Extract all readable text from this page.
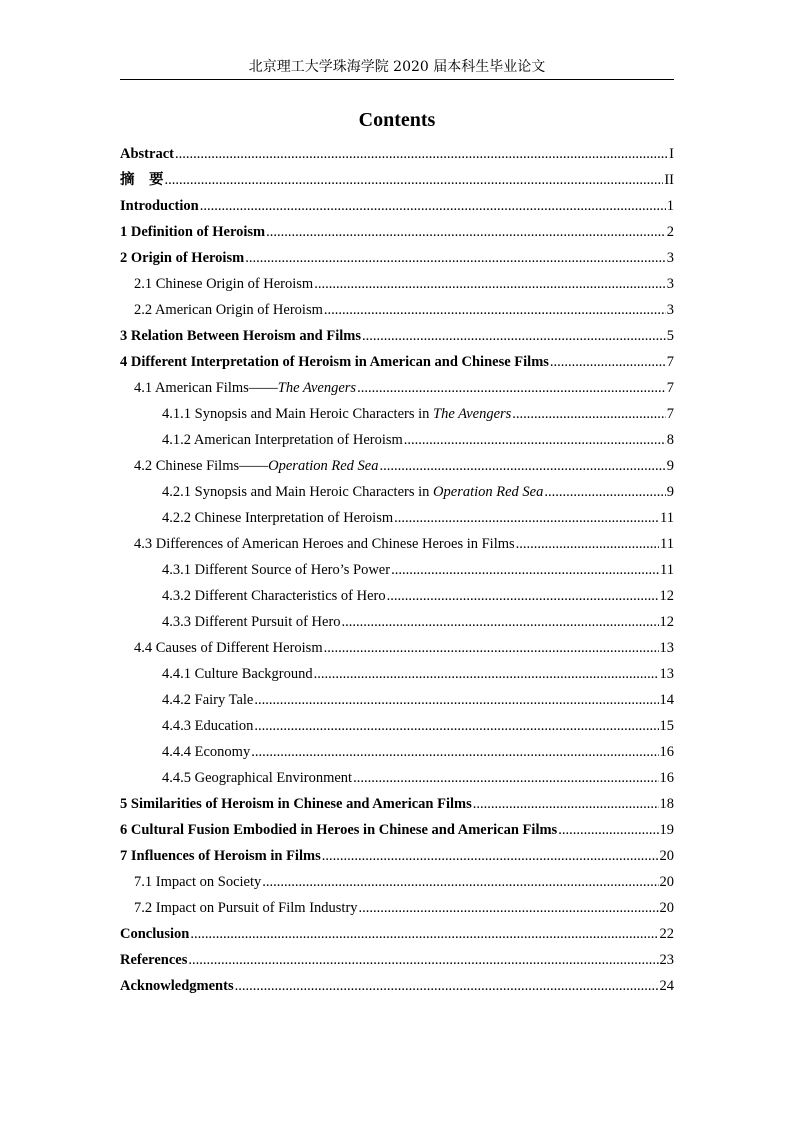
北京理工大学珠海学院 2020 届本科生毕业论文
Contents
Abstract .....	I
摘　要 .....	II
Introduction .....	1
1 Definition of Heroism .....	2
2 Origin of Heroism .....	3
2.1 Chinese Origin of Heroism .....	3
2.2 American Origin of Heroism .....	3
3 Relation Between Heroism and Films .....	5
4 Different Interpretation of Heroism in American and Chinese Films .....	7
4.1 American Films——The Avengers .....	7
4.1.1 Synopsis and Main Heroic Characters in The Avengers .....	7
4.1.2 American Interpretation of Heroism .....	8
4.2 Chinese Films——Operation Red Sea .....	9
4.2.1 Synopsis and Main Heroic Characters in Operation Red Sea .....	9
4.2.2 Chinese Interpretation of Heroism .....	11
4.3 Differences of American Heroes and Chinese Heroes in Films .....	11
4.3.1 Different Source of Hero’s Power .....	11
4.3.2 Different Characteristics of Hero .....	12
4.3.3 Different Pursuit of Hero .....	12
4.4 Causes of Different Heroism .....	13
4.4.1 Culture Background .....	13
4.4.2 Fairy Tale .....	14
4.4.3 Education .....	15
4.4.4 Economy .....	16
4.4.5 Geographical Environment .....	16
5 Similarities of Heroism in Chinese and American Films .....	18
6 Cultural Fusion Embodied in Heroes in Chinese and American Films .....	19
7 Influences of Heroism in Films .....	20
7.1 Impact on Society .....	20
7.2 Impact on Pursuit of Film Industry .....	20
Conclusion .....	22
References .....	23
Acknowledgments .....	24
